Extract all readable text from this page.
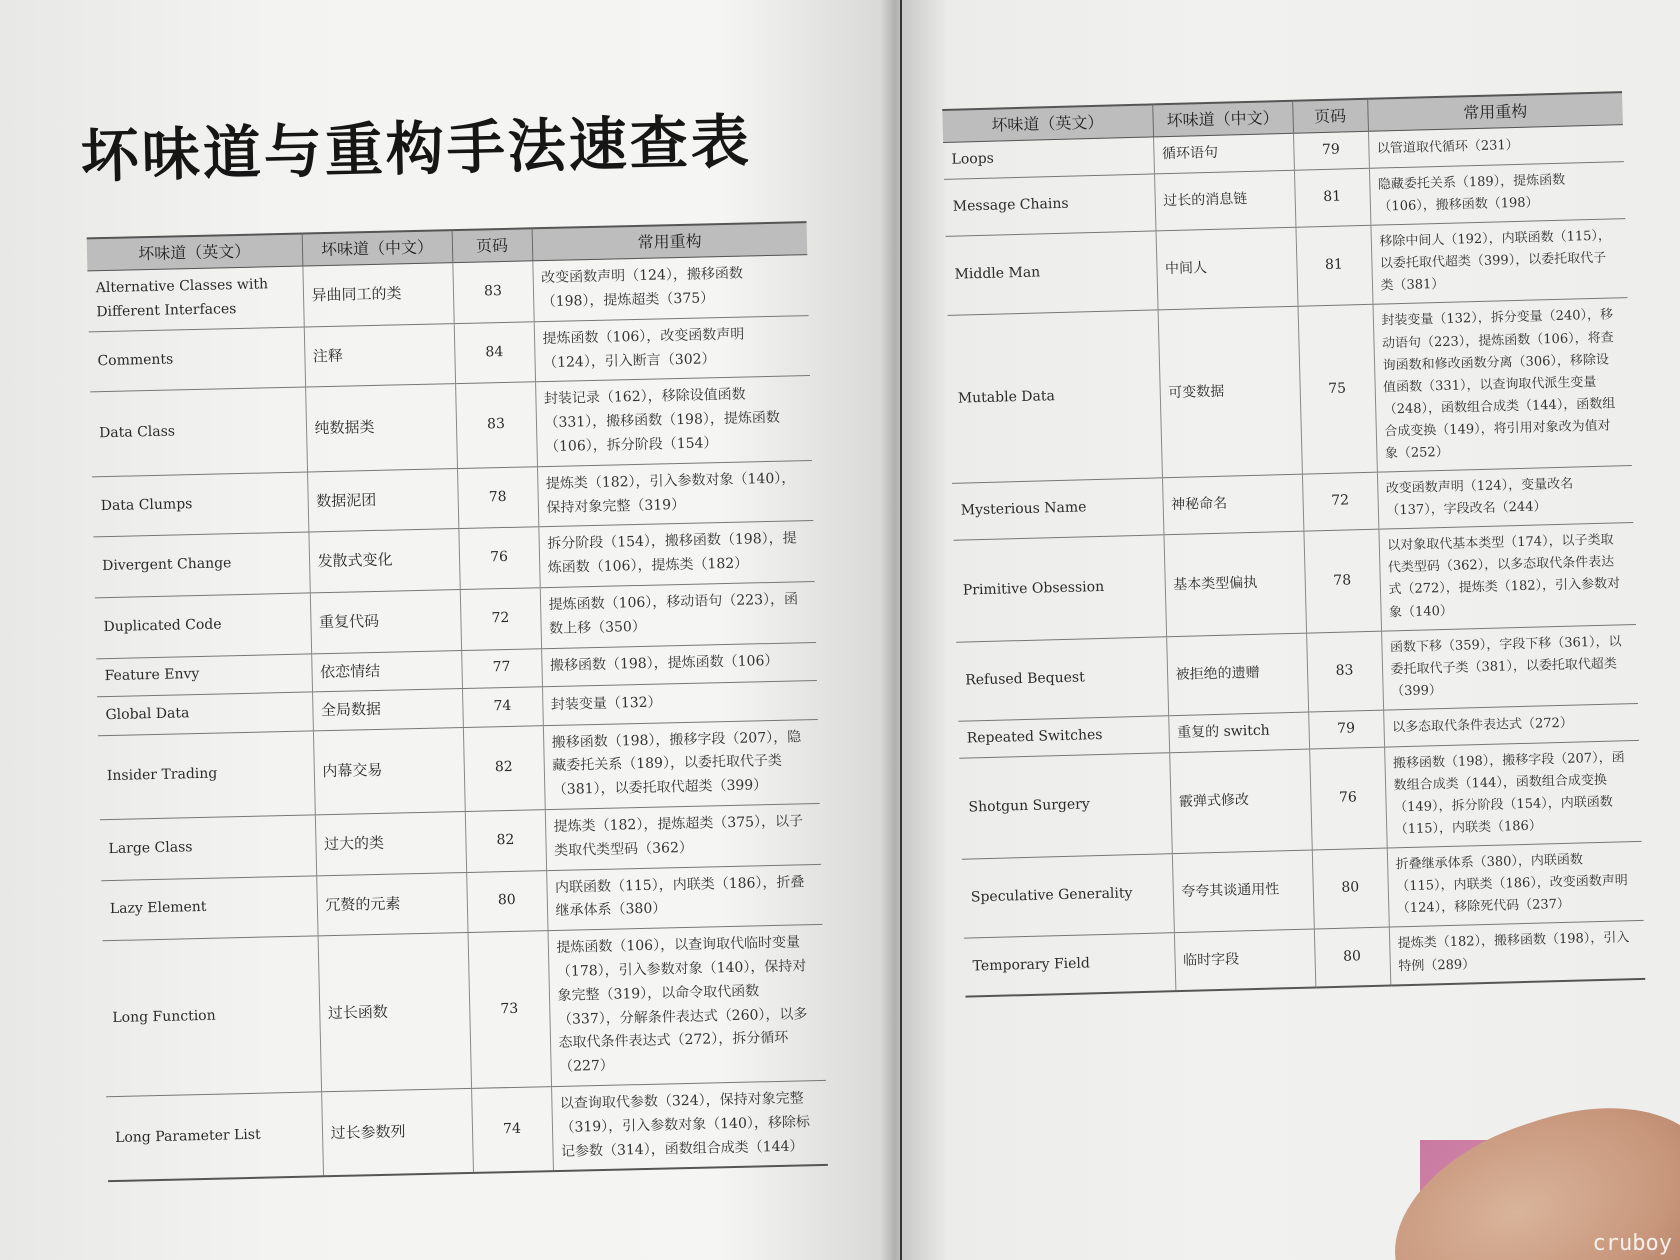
坏味道与重构手法速查表
坏味道（英文）	坏味道（中文）	页码	常用重构
Alternative Classes with Different Interfaces	异曲同工的类	83	改变函数声明（124），搬移函数（198），提炼超类（375）
Comments	注释	84	提炼函数（106），改变函数声明（124），引入断言（302）
Data Class	纯数据类	83	封装记录（162），移除设值函数（331），搬移函数（198），提炼函数（106），拆分阶段（154）
Data Clumps	数据泥团	78	提炼类（182），引入参数对象（140），保持对象完整（319）
Divergent Change	发散式变化	76	拆分阶段（154），搬移函数（198），提炼函数（106），提炼类（182）
Duplicated Code	重复代码	72	提炼函数（106），移动语句（223），函数上移（350）
Feature Envy	依恋情结	77	搬移函数（198），提炼函数（106）
Global Data	全局数据	74	封装变量（132）
Insider Trading	内幕交易	82	搬移函数（198），搬移字段（207），隐藏委托关系（189），以委托取代子类（381），以委托取代超类（399）
Large Class	过大的类	82	提炼类（182），提炼超类（375），以子类取代类型码（362）
Lazy Element	冗赘的元素	80	内联函数（115），内联类（186），折叠继承体系（380）
Long Function	过长函数	73	提炼函数（106），以查询取代临时变量（178），引入参数对象（140），保持对象完整（319），以命令取代函数（337），分解条件表达式（260），以多态取代条件表达式（272），拆分循环（227）
Long Parameter List	过长参数列	74	以查询取代参数（324），保持对象完整（319），引入参数对象（140），移除标记参数（314），函数组合成类（144）
坏味道（英文）	坏味道（中文）	页码	常用重构
Loops	循环语句	79	以管道取代循环（231）
Message Chains	过长的消息链	81	隐藏委托关系（189），提炼函数（106），搬移函数（198）
Middle Man	中间人	81	移除中间人（192），内联函数（115），以委托取代超类（399），以委托取代子类（381）
Mutable Data	可变数据	75	封装变量（132），拆分变量（240），移动语句（223），提炼函数（106），将查询函数和修改函数分离（306），移除设值函数（331），以查询取代派生变量（248），函数组合成类（144），函数组合成变换（149），将引用对象改为值对象（252）
Mysterious Name	神秘命名	72	改变函数声明（124），变量改名（137），字段改名（244）
Primitive Obsession	基本类型偏执	78	以对象取代基本类型（174），以子类取代类型码（362），以多态取代条件表达式（272），提炼类（182），引入参数对象（140）
Refused Bequest	被拒绝的遗赠	83	函数下移（359），字段下移（361），以委托取代子类（381），以委托取代超类（399）
Repeated Switches	重复的 switch	79	以多态取代条件表达式（272）
Shotgun Surgery	霰弹式修改	76	搬移函数（198），搬移字段（207），函数组合成类（144），函数组合成变换（149），拆分阶段（154），内联函数（115），内联类（186）
Speculative Generality	夸夸其谈通用性	80	折叠继承体系（380），内联函数（115），内联类（186），改变函数声明（124），移除死代码（237）
Temporary Field	临时字段	80	提炼类（182），搬移函数（198），引入特例（289）
cruboy
